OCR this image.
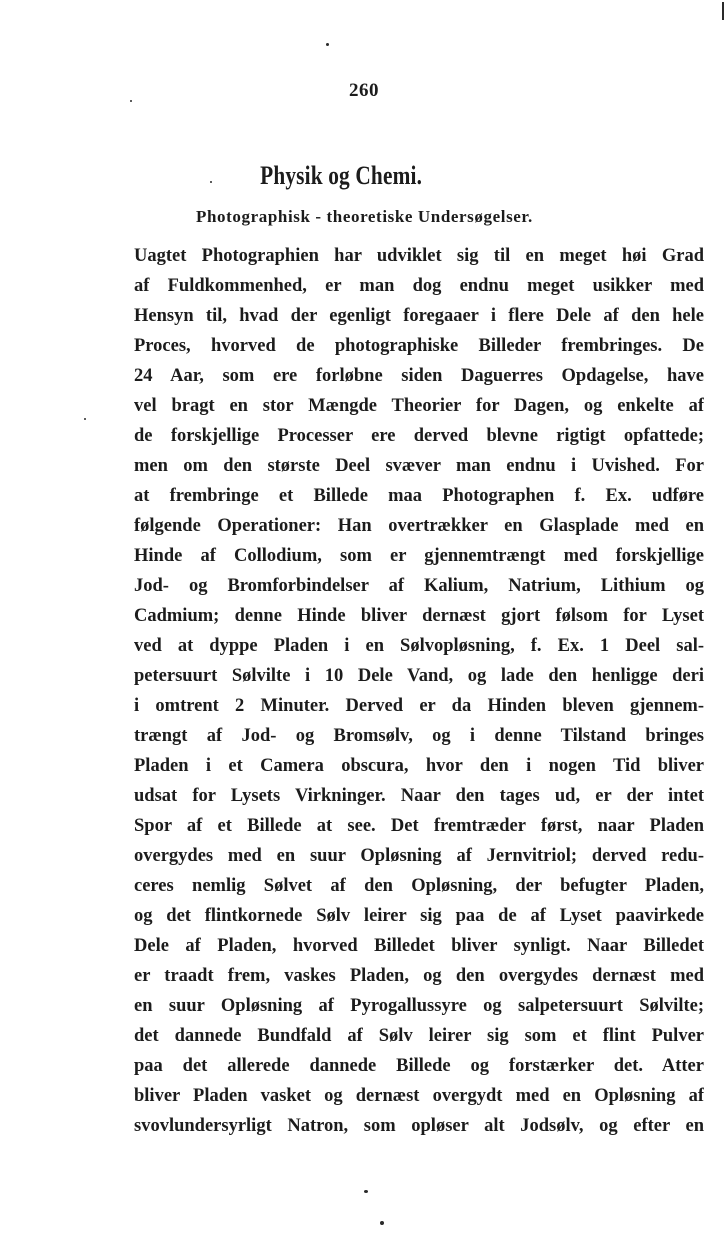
260
Physik og Chemi.
Photographisk - theoretiske Undersøgelser.
Uagtet Photographien har udviklet sig til en meget høi Grad
af Fuldkommenhed, er man dog endnu meget usikker med
Hensyn til, hvad der egenligt foregaaer i flere Dele af den hele
Proces, hvorved de photographiske Billeder frembringes. De
24 Aar, som ere forløbne siden Daguerres Opdagelse, have
vel bragt en stor Mængde Theorier for Dagen, og enkelte af
de forskjellige Processer ere derved blevne rigtigt opfattede;
men om den største Deel svæver man endnu i Uvished. For
at frembringe et Billede maa Photographen f. Ex. udføre
følgende Operationer: Han overtrækker en Glasplade med en
Hinde af Collodium, som er gjennemtrængt med forskjellige
Jod- og Bromforbindelser af Kalium, Natrium, Lithium og
Cadmium; denne Hinde bliver dernæst gjort følsom for Lyset
ved at dyppe Pladen i en Sølvopløsning, f. Ex. 1 Deel sal-
petersuurt Sølvilte i 10 Dele Vand, og lade den henligge deri
i omtrent 2 Minuter. Derved er da Hinden bleven gjennem-
trængt af Jod- og Bromsølv, og i denne Tilstand bringes
Pladen i et Camera obscura, hvor den i nogen Tid bliver
udsat for Lysets Virkninger. Naar den tages ud, er der intet
Spor af et Billede at see. Det fremtræder først, naar Pladen
overgydes med en suur Opløsning af Jernvitriol; derved redu-
ceres nemlig Sølvet af den Opløsning, der befugter Pladen,
og det flintkornede Sølv leirer sig paa de af Lyset paavirkede
Dele af Pladen, hvorved Billedet bliver synligt. Naar Billedet
er traadt frem, vaskes Pladen, og den overgydes dernæst med
en suur Opløsning af Pyrogallussyre og salpetersuurt Sølvilte;
det dannede Bundfald af Sølv leirer sig som et flint Pulver
paa det allerede dannede Billede og forstærker det. Atter
bliver Pladen vasket og dernæst overgydt med en Opløsning af
svovlundersyrligt Natron, som opløser alt Jodsølv, og efter en
